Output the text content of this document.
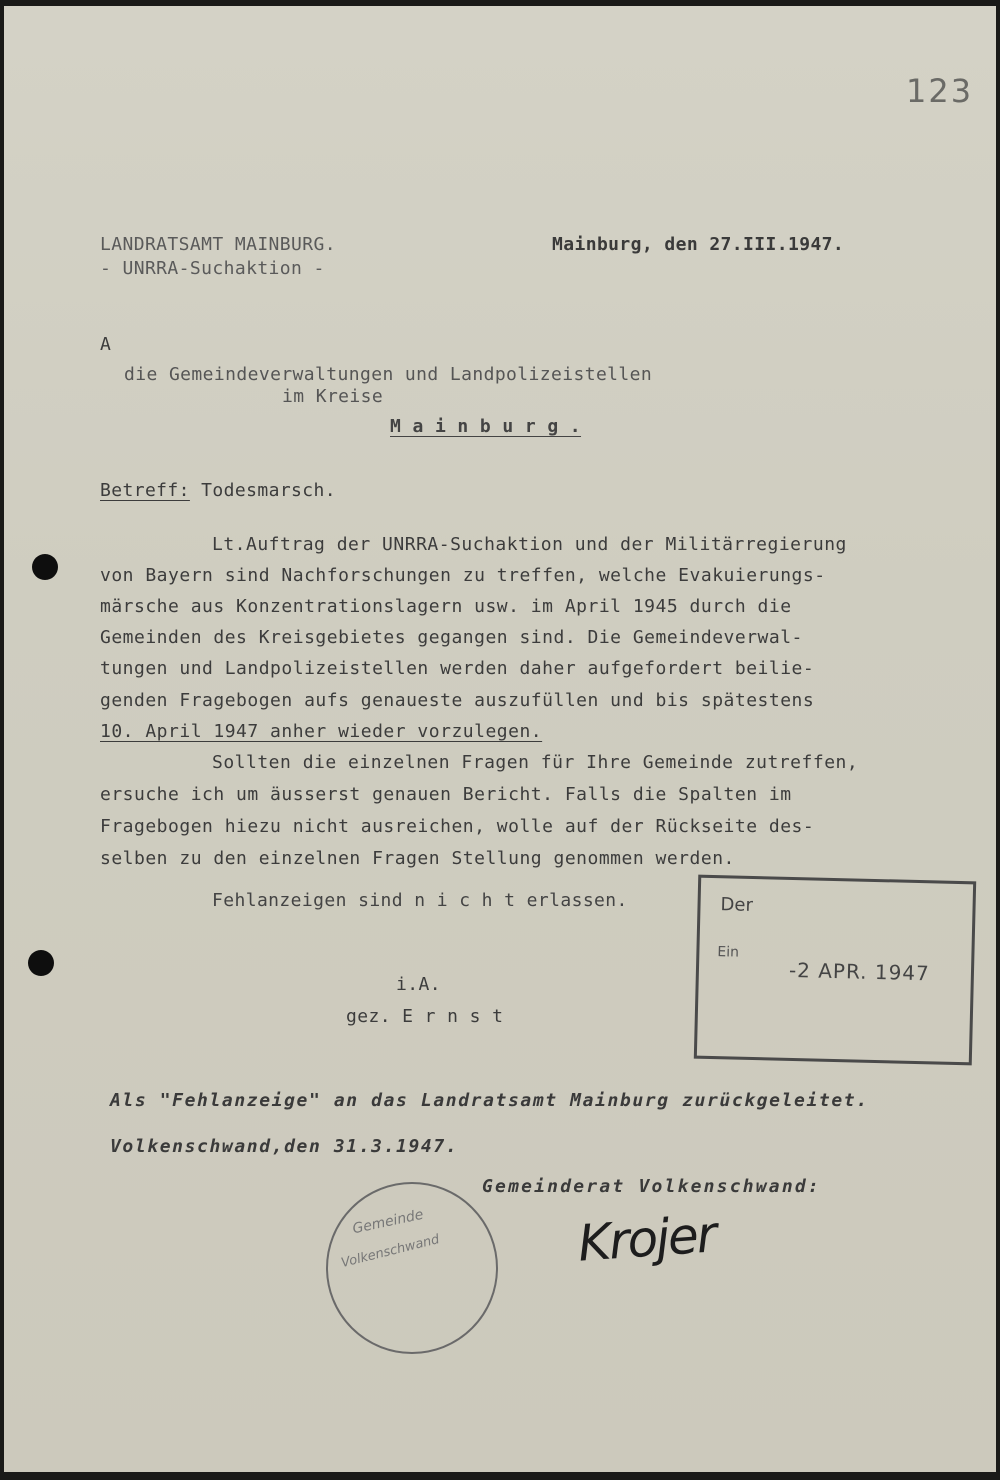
123
LANDRATSAMT MAINBURG.
- UNRRA-Suchaktion -
Mainburg, den 27.III.1947.
A
die Gemeindeverwaltungen und Landpolizeistellen
im Kreise
M a i n b u r g .
Betreff: Todesmarsch.
Lt.Auftrag der UNRRA-Suchaktion und der Militärregierung
von Bayern sind Nachforschungen zu treffen, welche Evakuierungs-
märsche aus Konzentrationslagern usw. im April 1945 durch die
Gemeinden des Kreisgebietes gegangen sind. Die Gemeindeverwal-
tungen und Landpolizeistellen werden daher aufgefordert beilie-
genden Fragebogen aufs genaueste auszufüllen und bis spätestens
10. April 1947 anher wieder vorzulegen.
Sollten die einzelnen Fragen für Ihre Gemeinde zutreffen,
ersuche ich um äusserst genauen Bericht. Falls die Spalten im
Fragebogen hiezu nicht ausreichen, wolle auf der Rückseite des-
selben zu den einzelnen Fragen Stellung genommen werden.
Fehlanzeigen sind n i c h t erlassen.
i.A.
gez. E r n s t
Der
Ein
-2 APR. 1947
Als "Fehlanzeige" an das Landratsamt Mainburg zurückgeleitet.
Volkenschwand,den 31.3.1947.
Gemeinderat Volkenschwand:
Gemeinde
Volkenschwand	Krojer
